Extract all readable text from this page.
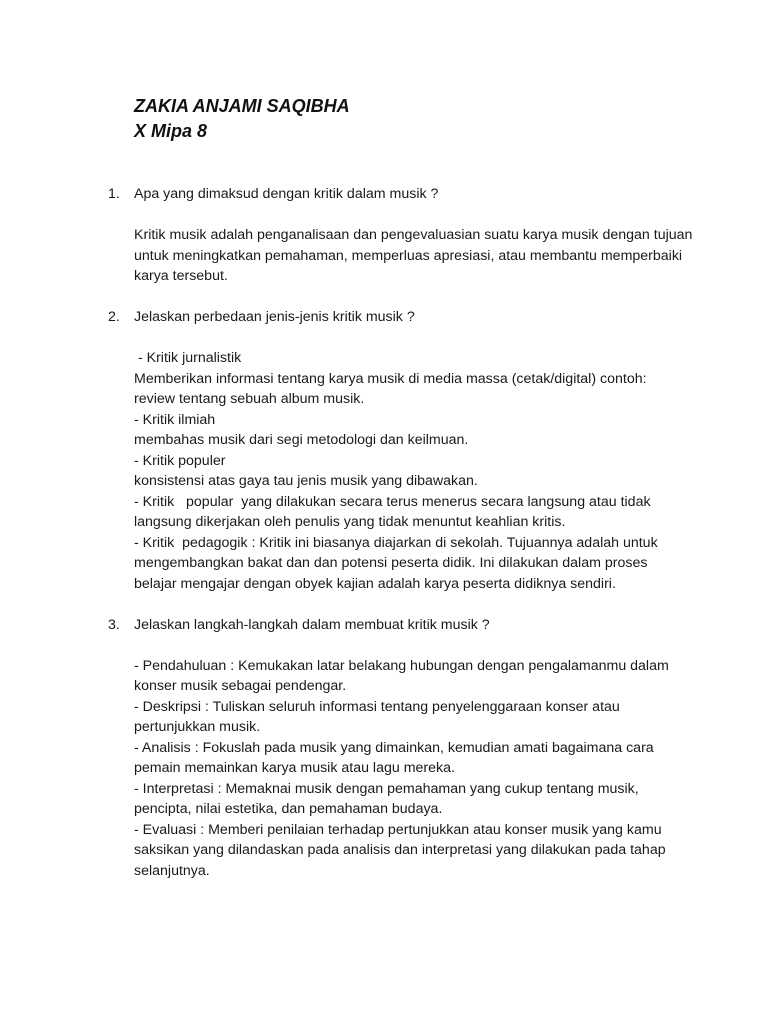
ZAKIA ANJAMI SAQIBHA
X Mipa 8
1. Apa yang dimaksud dengan kritik dalam musik ?

Kritik musik adalah penganalisaan dan pengevaluasian suatu karya musik dengan tujuan

untuk meningkatkan pemahaman, memperluas apresiasi, atau membantu memperbaiki

karya tersebut.

2. Jelaskan perbedaan jenis-jenis kritik musik ?

- Kritik jurnalistik

Memberikan informasi tentang karya musik di media massa (cetak/digital) contoh:

review tentang sebuah album musik.

- Kritik ilmiah

membahas musik dari segi metodologi dan keilmuan.

- Kritik populer

konsistensi atas gaya tau jenis musik yang dibawakan.

- Kritik   popular  yang dilakukan secara terus menerus secara langsung atau tidak

langsung dikerjakan oleh penulis yang tidak menuntut keahlian kritis.

- Kritik  pedagogik : Kritik ini biasanya diajarkan di sekolah. Tujuannya adalah untuk

mengembangkan bakat dan dan potensi peserta didik. Ini dilakukan dalam proses

belajar mengajar dengan obyek kajian adalah karya peserta didiknya sendiri.

3. Jelaskan langkah-langkah dalam membuat kritik musik ?

- Pendahuluan : Kemukakan latar belakang hubungan dengan pengalamanmu dalam

konser musik sebagai pendengar.

- Deskripsi : Tuliskan seluruh informasi tentang penyelenggaraan konser atau

pertunjukkan musik.

- Analisis : Fokuslah pada musik yang dimainkan, kemudian amati bagaimana cara

pemain memainkan karya musik atau lagu mereka.

- Interpretasi : Memaknai musik dengan pemahaman yang cukup tentang musik,

pencipta, nilai estetika, dan pemahaman budaya.

- Evaluasi : Memberi penilaian terhadap pertunjukkan atau konser musik yang kamu

saksikan yang dilandaskan pada analisis dan interpretasi yang dilakukan pada tahap

selanjutnya.
